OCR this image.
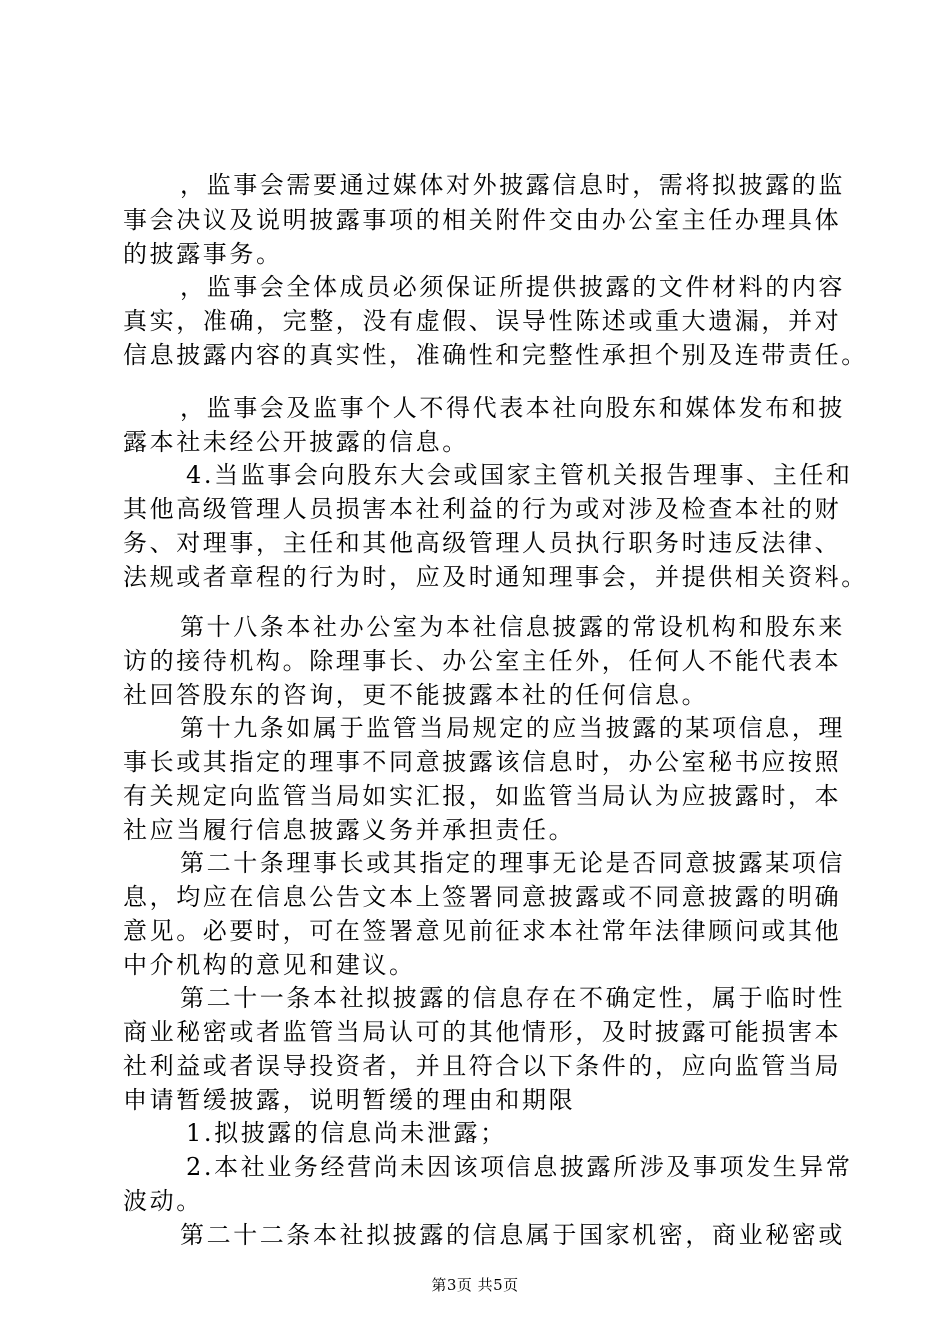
，监事会需要通过媒体对外披露信息时，需将拟披露的监
事会决议及说明披露事项的相关附件交由办公室主任办理具体
的披露事务。
，监事会全体成员必须保证所提供披露的文件材料的内容
真实，准确，完整，没有虚假、误导性陈述或重大遗漏，并对
信息披露内容的真实性，准确性和完整性承担个别及连带责任。
，监事会及监事个人不得代表本社向股东和媒体发布和披
露本社未经公开披露的信息。
4.当监事会向股东大会或国家主管机关报告理事、主任和
其他高级管理人员损害本社利益的行为或对涉及检查本社的财
务、对理事，主任和其他高级管理人员执行职务时违反法律、
法规或者章程的行为时，应及时通知理事会，并提供相关资料。
第十八条本社办公室为本社信息披露的常设机构和股东来
访的接待机构。除理事长、办公室主任外，任何人不能代表本
社回答股东的咨询，更不能披露本社的任何信息。
第十九条如属于监管当局规定的应当披露的某项信息，理
事长或其指定的理事不同意披露该信息时，办公室秘书应按照
有关规定向监管当局如实汇报，如监管当局认为应披露时，本
社应当履行信息披露义务并承担责任。
第二十条理事长或其指定的理事无论是否同意披露某项信
息，均应在信息公告文本上签署同意披露或不同意披露的明确
意见。必要时，可在签署意见前征求本社常年法律顾问或其他
中介机构的意见和建议。
第二十一条本社拟披露的信息存在不确定性，属于临时性
商业秘密或者监管当局认可的其他情形，及时披露可能损害本
社利益或者误导投资者，并且符合以下条件的，应向监管当局
申请暂缓披露，说明暂缓的理由和期限
1.拟披露的信息尚未泄露；
2.本社业务经营尚未因该项信息披露所涉及事项发生异常
波动。
第二十二条本社拟披露的信息属于国家机密，商业秘密或
第3页 共5页
